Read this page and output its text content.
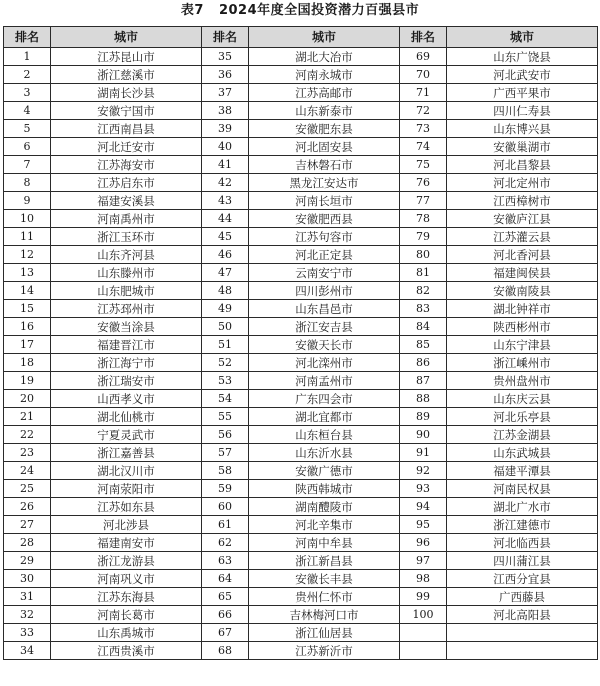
表7 2024年度全国投资潜力百强县市
排名	城市	排名	城市	排名	城市
1	江苏昆山市	35	湖北大冶市	69	山东广饶县
2	浙江慈溪市	36	河南永城市	70	河北武安市
3	湖南长沙县	37	江苏高邮市	71	广西平果市
4	安徽宁国市	38	山东新泰市	72	四川仁寿县
5	江西南昌县	39	安徽肥东县	73	山东博兴县
6	河北迁安市	40	河北固安县	74	安徽巢湖市
7	江苏海安市	41	吉林磐石市	75	河北昌黎县
8	江苏启东市	42	黑龙江安达市	76	河北定州市
9	福建安溪县	43	河南长垣市	77	江西樟树市
10	河南禹州市	44	安徽肥西县	78	安徽庐江县
11	浙江玉环市	45	江苏句容市	79	江苏灌云县
12	山东齐河县	46	河北正定县	80	河北香河县
13	山东滕州市	47	云南安宁市	81	福建闽侯县
14	山东肥城市	48	四川彭州市	82	安徽南陵县
15	江苏邳州市	49	山东昌邑市	83	湖北钟祥市
16	安徽当涂县	50	浙江安吉县	84	陕西彬州市
17	福建晋江市	51	安徽天长市	85	山东宁津县
18	浙江海宁市	52	河北滦州市	86	浙江嵊州市
19	浙江瑞安市	53	河南孟州市	87	贵州盘州市
20	山西孝义市	54	广东四会市	88	山东庆云县
21	湖北仙桃市	55	湖北宜都市	89	河北乐亭县
22	宁夏灵武市	56	山东桓台县	90	江苏金湖县
23	浙江嘉善县	57	山东沂水县	91	山东武城县
24	湖北汉川市	58	安徽广德市	92	福建平潭县
25	河南荥阳市	59	陕西韩城市	93	河南民权县
26	江苏如东县	60	湖南醴陵市	94	湖北广水市
27	河北涉县	61	河北辛集市	95	浙江建德市
28	福建南安市	62	河南中牟县	96	河北临西县
29	浙江龙游县	63	浙江新昌县	97	四川蒲江县
30	河南巩义市	64	安徽长丰县	98	江西分宜县
31	江苏东海县	65	贵州仁怀市	99	广西藤县
32	河南长葛市	66	吉林梅河口市	100	河北高阳县
33	山东禹城市	67	浙江仙居县		
34	江西贵溪市	68	江苏新沂市		
